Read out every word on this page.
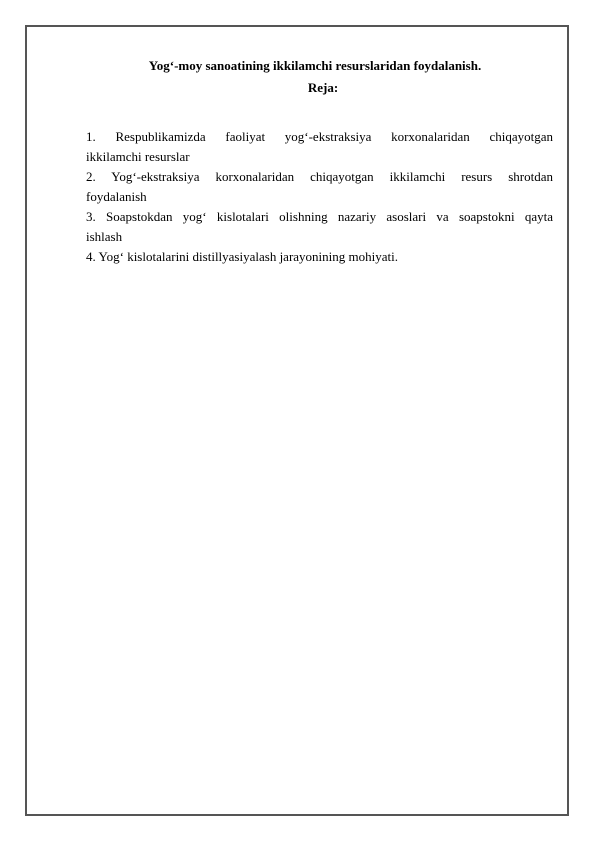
Yog‘-moy sanoatining ikkilamchi resurslaridan foydalanish.
Reja:
1. Respublikamizda faoliyat yog‘-ekstraksiya korxonalaridan chiqayotgan
ikkilamchi resurslar
2. Yog‘-ekstraksiya korxonalaridan chiqayotgan ikkilamchi resurs shrotdan
foydalanish
3. Soapstokdan yog‘ kislotalari olishning nazariy asoslari va soapstokni qayta
ishlash
4. Yog‘ kislotalarini distillyasiyalash jarayonining mohiyati.
